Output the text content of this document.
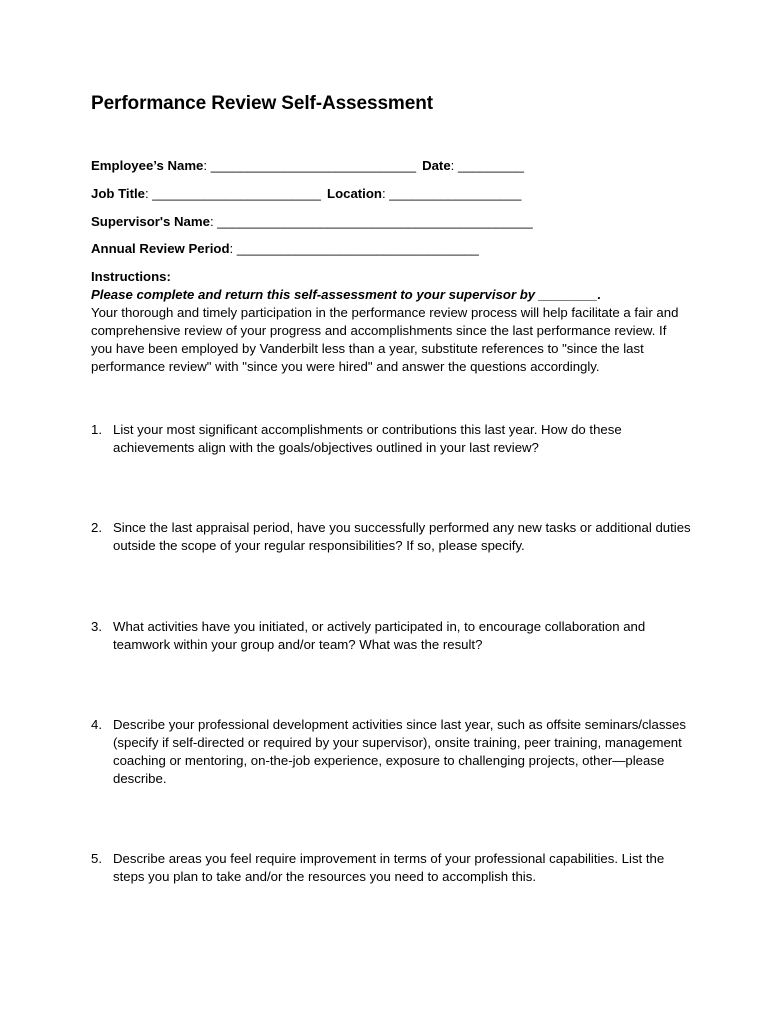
Performance Review Self-Assessment
Employee’s Name: ____________________________ Date: _________
Job Title: _______________________ Location: __________________
Supervisor's Name: ___________________________________________
Annual Review Period: _________________________________
Instructions:
Please complete and return this self-assessment to your supervisor by ________.
Your thorough and timely participation in the performance review process will help facilitate a fair and comprehensive review of your progress and accomplishments since the last performance review. If you have been employed by Vanderbilt less than a year, substitute references to "since the last performance review" with "since you were hired" and answer the questions accordingly.
1. List your most significant accomplishments or contributions this last year. How do these achievements align with the goals/objectives outlined in your last review?
2. Since the last appraisal period, have you successfully performed any new tasks or additional duties outside the scope of your regular responsibilities? If so, please specify.
3. What activities have you initiated, or actively participated in, to encourage collaboration and teamwork within your group and/or team? What was the result?
4. Describe your professional development activities since last year, such as offsite seminars/classes (specify if self-directed or required by your supervisor), onsite training, peer training, management coaching or mentoring, on-the-job experience, exposure to challenging projects, other—please describe.
5. Describe areas you feel require improvement in terms of your professional capabilities. List the steps you plan to take and/or the resources you need to accomplish this.
